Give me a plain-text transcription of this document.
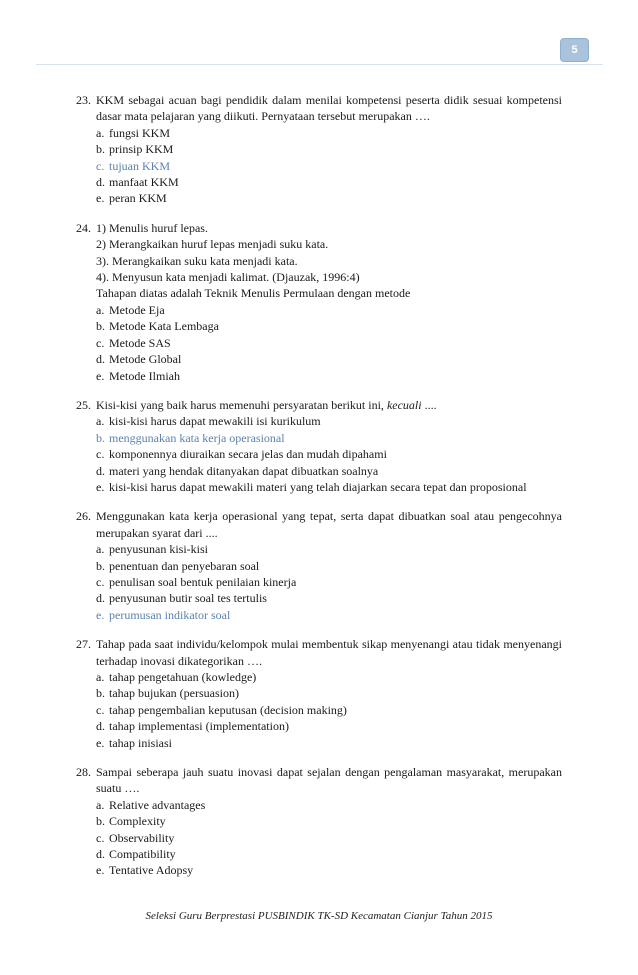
5
23. KKM sebagai acuan bagi pendidik dalam menilai kompetensi peserta didik sesuai kompetensi dasar mata pelajaran yang diikuti. Pernyataan tersebut merupakan ….
a. fungsi KKM
b. prinsip KKM
c. tujuan KKM
d. manfaat KKM
e. peran KKM
24. 1) Menulis huruf lepas.
2) Merangkaikan huruf lepas menjadi suku kata.
3). Merangkaikan suku kata menjadi kata.
4). Menyusun kata menjadi kalimat. (Djauzak, 1996:4)
Tahapan diatas adalah Teknik Menulis Permulaan dengan metode
a. Metode Eja
b. Metode Kata Lembaga
c. Metode SAS
d. Metode Global
e. Metode Ilmiah
25. Kisi-kisi yang baik harus memenuhi persyaratan berikut ini, kecuali ....
a. kisi-kisi harus dapat mewakili isi kurikulum
b. menggunakan kata kerja operasional
c. komponennya diuraikan secara jelas dan mudah dipahami
d. materi yang hendak ditanyakan dapat dibuatkan soalnya
e. kisi-kisi harus dapat mewakili materi yang telah diajarkan secara tepat dan proposional
26. Menggunakan kata kerja operasional yang tepat, serta dapat dibuatkan soal atau pengecohnya merupakan syarat dari ....
a. penyusunan kisi-kisi
b. penentuan dan penyebaran soal
c. penulisan soal bentuk penilaian kinerja
d. penyusunan butir soal tes tertulis
e. perumusan indikator soal
27. Tahap pada saat individu/kelompok mulai membentuk sikap menyenangi atau tidak menyenangi terhadap inovasi dikategorikan ….
a. tahap pengetahuan (kowledge)
b. tahap bujukan (persuasion)
c. tahap pengembalian keputusan (decision making)
d. tahap implementasi (implementation)
e. tahap inisiasi
28. Sampai seberapa jauh suatu inovasi dapat sejalan dengan pengalaman masyarakat, merupakan suatu ….
a. Relative advantages
b. Complexity
c. Observability
d. Compatibility
e. Tentative Adopsy
Seleksi Guru Berprestasi PUSBINDIK TK-SD Kecamatan Cianjur Tahun 2015
